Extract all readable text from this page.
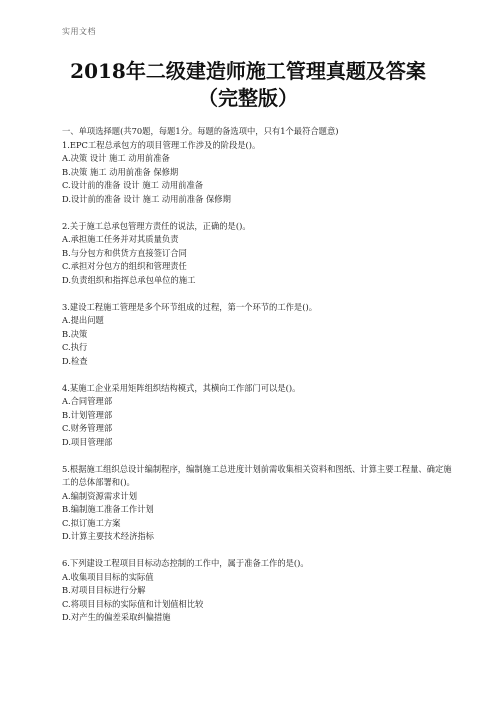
实用文档
2018年二级建造师施工管理真题及答案
（完整版）
一、单项选择题(共70题，每题1分。每题的备选项中，只有1个最符合题意)
1.EPC工程总承包方的项目管理工作涉及的阶段是()。
A.决策 设计 施工 动用前准备
B.决策 施工 动用前准备 保修期
C.设计前的准备 设计 施工 动用前准备
D.设计前的准备 设计 施工 动用前准备 保修期
2.关于施工总承包管理方责任的说法，正确的是()。
A.承担施工任务并对其质量负责
B.与分包方和供货方直接签订合同
C.承担对分包方的组织和管理责任
D.负责组织和指挥总承包单位的施工
3.建设工程施工管理是多个环节组成的过程，第一个环节的工作是()。
A.提出问题
B.决策
C.执行
D.检查
4.某施工企业采用矩阵组织结构模式，其横向工作部门可以是()。
A.合同管理部
B.计划管理部
C.财务管理部
D.项目管理部
5.根据施工组织总设计编制程序，编制施工总进度计划前需收集相关资料和图纸、计算主要工程量、确定施工的总体部署和()。
A.编制资源需求计划
B.编制施工准备工作计划
C.拟订施工方案
D.计算主要技术经济指标
6.下列建设工程项目目标动态控制的工作中，属于准备工作的是()。
A.收集项目目标的实际值
B.对项目目标进行分解
C.将项目目标的实际值和计划值相比较
D.对产生的偏差采取纠偏措施
